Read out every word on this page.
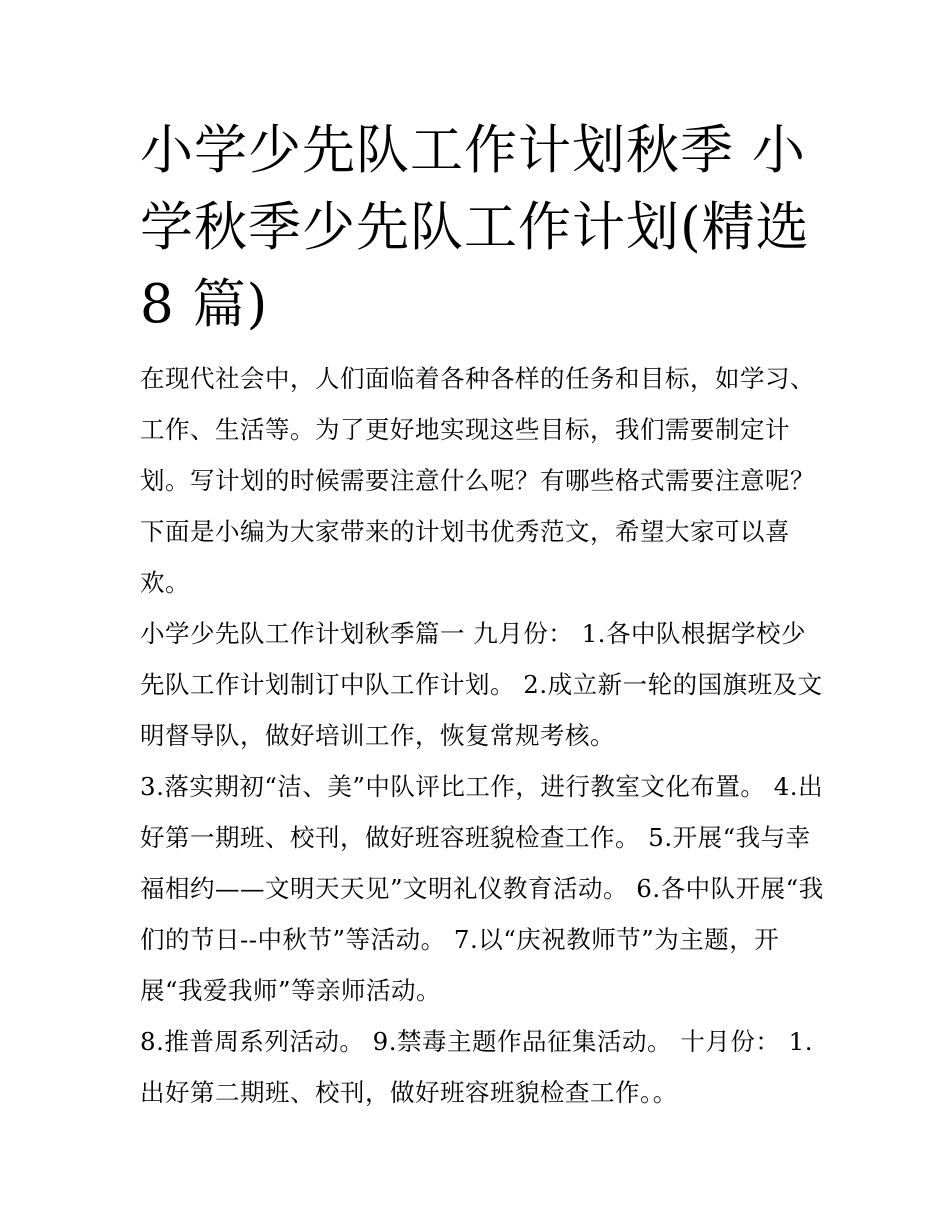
小学少先队工作计划秋季 小学秋季少先队工作计划(精选 8 篇)

在现代社会中，人们面临着各种各样的任务和目标，如学习、工作、生活等。为了更好地实现这些目标，我们需要制定计划。写计划的时候需要注意什么呢？有哪些格式需要注意呢？下面是小编为大家带来的计划书优秀范文，希望大家可以喜欢。

小学少先队工作计划秋季篇一 九月份： 1.各中队根据学校少先队工作计划制订中队工作计划。 2.成立新一轮的国旗班及文明督导队，做好培训工作，恢复常规考核。

3.落实期初“洁、美”中队评比工作，进行教室文化布置。 4.出好第一期班、校刊，做好班容班貌检查工作。 5.开展“我与幸福相约——文明天天见”文明礼仪教育活动。 6.各中队开展“我们的节日--中秋节”等活动。 7.以“庆祝教师节”为主题，开展“我爱我师”等亲师活动。

8.推普周系列活动。 9.禁毒主题作品征集活动。 十月份： 1.出好第二期班、校刊，做好班容班貌检查工作。。
